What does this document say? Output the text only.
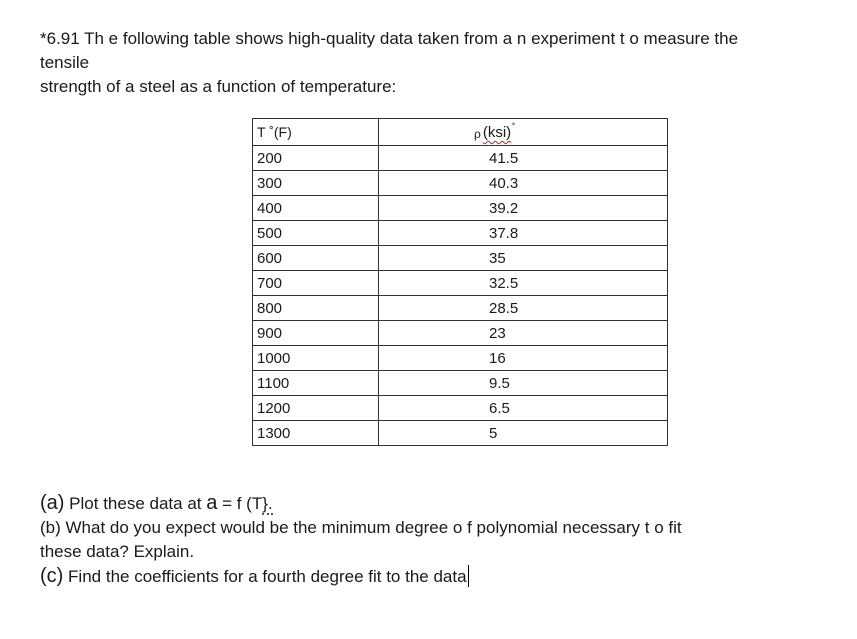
*6.91 Th e following table shows high-quality data taken from a n experiment t o measure the
tensile
strength of a steel as a function of temperature:
T ˚(F)	ρ (ksi)˚
200	41.5
300	40.3
400	39.2
500	37.8
600	35
700	32.5
800	28.5
900	23
1000	16
1100	9.5
1200	6.5
1300	5
(a) Plot these data at a = f (T}.
(b) What do you expect would be the minimum degree o f polynomial necessary t o fit
these data? Explain.
(c) Find the coefficients for a fourth degree fit to the data
